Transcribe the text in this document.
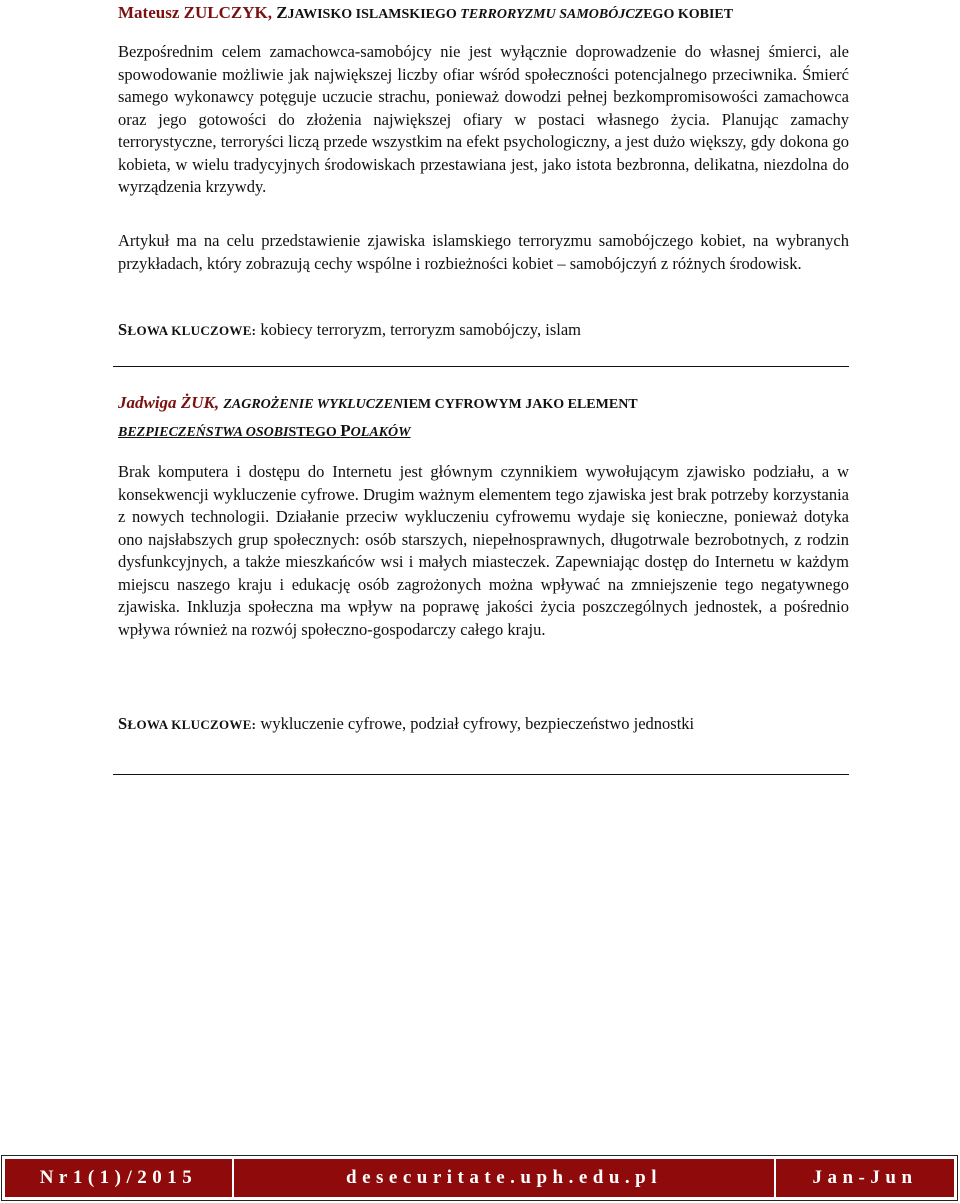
Mateusz ZULCZYK, ZJAWISKO ISLAMSKIEGO TERRORYZMU SAMOBÓJCZEGO KOBIET
Bezpośrednim celem zamachowca-samobójcy nie jest wyłącznie doprowadzenie do własnej śmierci, ale spowodowanie możliwie jak największej liczby ofiar wśród społeczności potencjalnego przeciwnika. Śmierć samego wykonawcy potęguje uczucie strachu, ponieważ dowodzi pełnej bezkompromisowości zamachowca oraz jego gotowości do złożenia największej ofiary w postaci własnego życia. Planując zamachy terrorystyczne, terroryści liczą przede wszystkim na efekt psychologiczny, a jest dużo większy, gdy dokona go kobieta, w wielu tradycyjnych środowiskach przestawiana jest, jako istota bezbronna, delikatna, niezdolna do wyrządzenia krzywdy.
Artykuł ma na celu przedstawienie zjawiska islamskiego terroryzmu samobójczego kobiet, na wybranych przykładach, który zobrazują cechy wspólne i rozbieżności kobiet – samobójczyń z różnych środowisk.
SŁOWA KLUCZOWE: kobiecy terroryzm, terroryzm samobójczy, islam
Jadwiga ŻUK, ZAGROŻENIE WYKLUCZENIEM CYFROWYM JAKO ELEMENT
BEZPIECZEŃSTWA OSOBISTEGO POLAKÓW
Brak komputera i dostępu do Internetu jest głównym czynnikiem wywołującym zjawisko podziału, a w konsekwencji wykluczenie cyfrowe. Drugim ważnym elementem tego zjawiska jest brak potrzeby korzystania z nowych technologii. Działanie przeciw wykluczeniu cyfrowemu wydaje się konieczne, ponieważ dotyka ono najsłabszych grup społecznych: osób starszych, niepełnosprawnych, długotrwale bezrobotnych, z rodzin dysfunkcyjnych, a także mieszkańców wsi i małych miasteczek. Zapewniając dostęp do Internetu w każdym miejscu naszego kraju i edukację osób zagrożonych można wpływać na zmniejszenie tego negatywnego zjawiska. Inkluzja społeczna ma wpływ na poprawę jakości życia poszczególnych jednostek, a pośrednio wpływa również na rozwój społeczno-gospodarczy całego kraju.
SŁOWA KLUCZOWE: wykluczenie cyfrowe, podział cyfrowy, bezpieczeństwo jednostki
Nr1(1)/2015	desecuritate.uph.edu.pl	Jan-Jun
